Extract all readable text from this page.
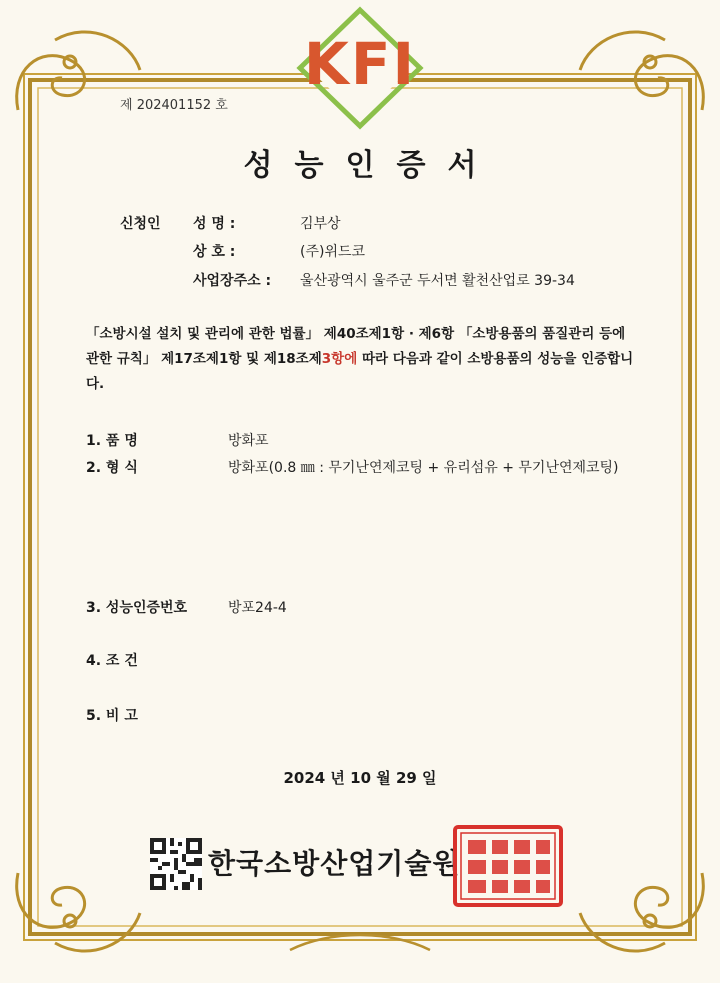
KFI
제 202401152 호
성능인증서
신청인 성 명 :	김부상
상 호 :	(주)위드코
사업장주소 : 울산광역시 울주군 두서면 활천산업로 39-34
「소방시설 설치 및 관리에 관한 법률」 제40조제1항 · 제6항 「소방용품의 품질관리 등에 관한 규칙」 제17조제1항 및 제18조제3항에 따라 다음과 같이 소방용품의 성능을 인증합니다.
1. 품 명	방화포
2. 형 식	방화포(0.8 ㎜ : 무기난연제코팅 + 유리섬유 + 무기난연제코팅)
3. 성능인증번호	방포24-4
4. 조 건
5. 비 고
2024 년 10 월 29 일
한국소방산업기술원
